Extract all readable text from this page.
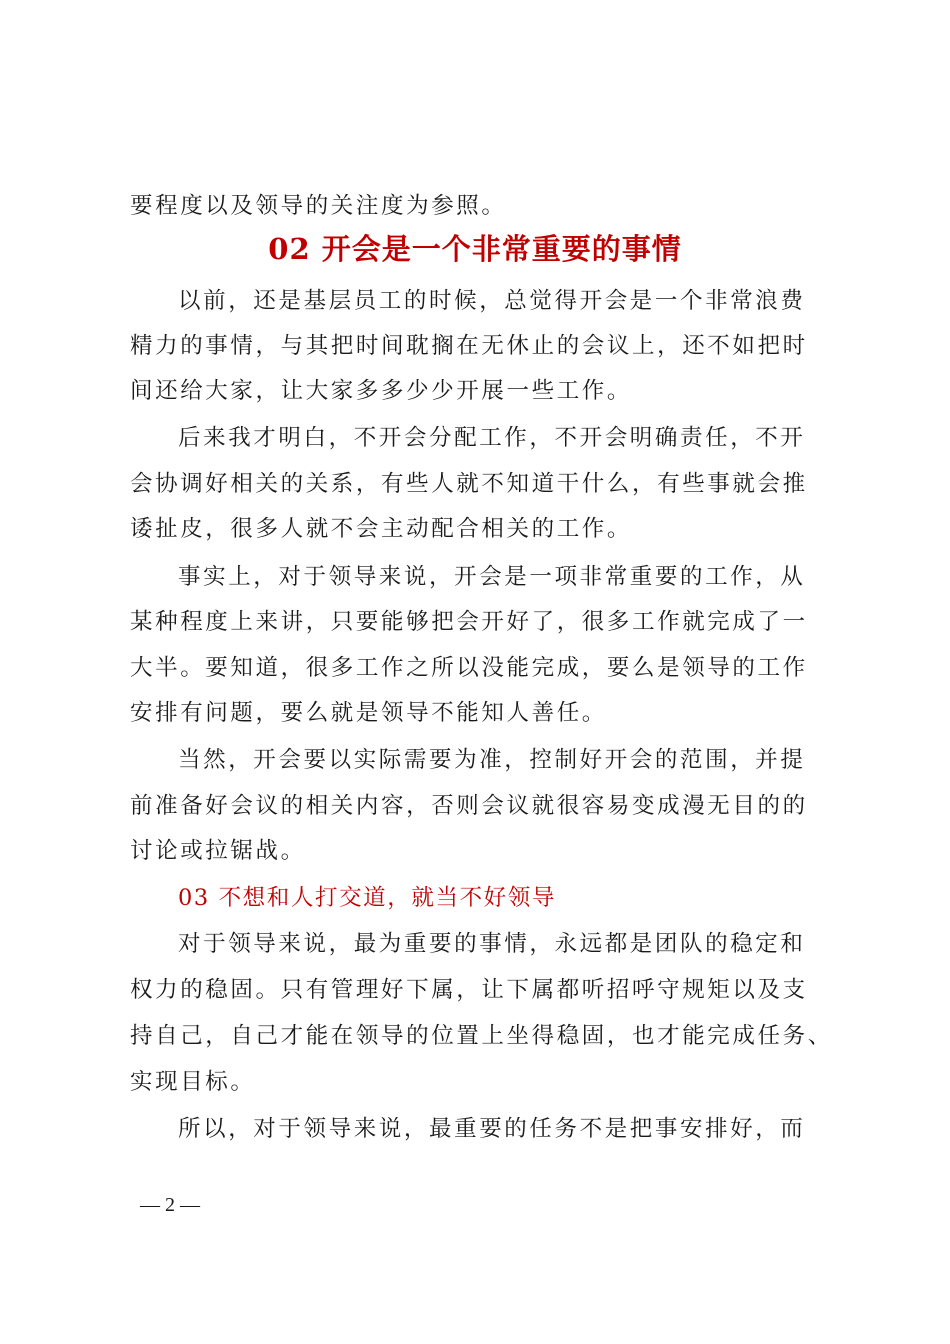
要程度以及领导的关注度为参照。
02 开会是一个非常重要的事情
以前，还是基层员工的时候，总觉得开会是一个非常浪费
精力的事情，与其把时间耽搁在无休止的会议上，还不如把时
间还给大家，让大家多多少少开展一些工作。
后来我才明白，不开会分配工作，不开会明确责任，不开
会协调好相关的关系，有些人就不知道干什么，有些事就会推
诿扯皮，很多人就不会主动配合相关的工作。
事实上，对于领导来说，开会是一项非常重要的工作，从
某种程度上来讲，只要能够把会开好了，很多工作就完成了一
大半。要知道，很多工作之所以没能完成，要么是领导的工作
安排有问题，要么就是领导不能知人善任。
当然，开会要以实际需要为准，控制好开会的范围，并提
前准备好会议的相关内容，否则会议就很容易变成漫无目的的
讨论或拉锯战。
03 不想和人打交道，就当不好领导
对于领导来说，最为重要的事情，永远都是团队的稳定和
权力的稳固。只有管理好下属，让下属都听招呼守规矩以及支
持自己，自己才能在领导的位置上坐得稳固，也才能完成任务、
实现目标。
所以，对于领导来说，最重要的任务不是把事安排好，而
— 2 —
